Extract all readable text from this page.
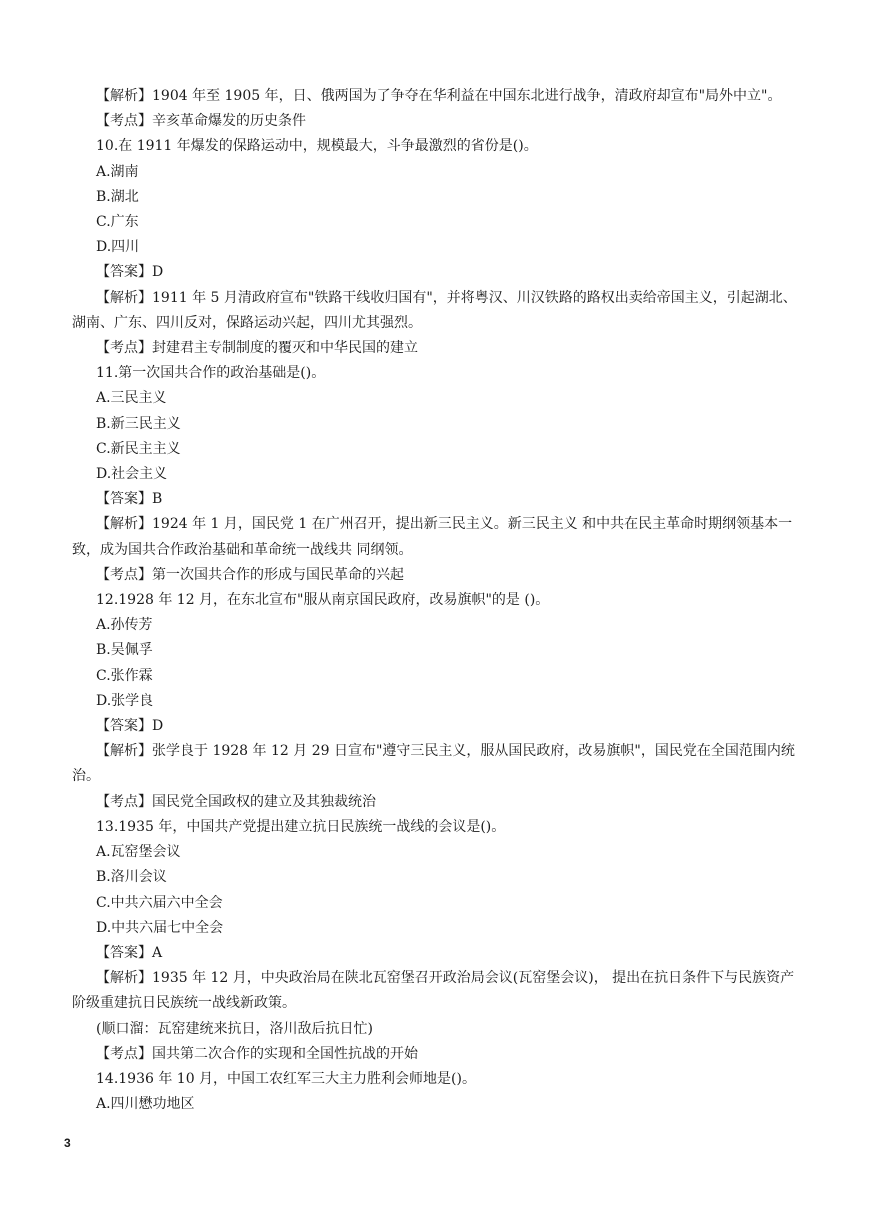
【解析】1904 年至 1905 年，日、俄两国为了争夺在华利益在中国东北进行战争，清政府却宣布"局外中立"。
【考点】辛亥革命爆发的历史条件
10.在 1911 年爆发的保路运动中，规模最大，斗争最激烈的省份是()。
A.湖南
B.湖北
C.广东
D.四川
【答案】D
【解析】1911 年 5 月清政府宣布"铁路干线收归国有"，并将粤汉、川汉铁路的路权出卖给帝国主义，引起湖北、湖南、广东、四川反对，保路运动兴起，四川尤其强烈。
【考点】封建君主专制制度的覆灭和中华民国的建立
11.第一次国共合作的政治基础是()。
A.三民主义
B.新三民主义
C.新民主主义
D.社会主义
【答案】B
【解析】1924 年 1 月，国民党 1 在广州召开，提出新三民主义。新三民主义 和中共在民主革命时期纲领基本一致，成为国共合作政治基础和革命统一战线共 同纲领。
【考点】第一次国共合作的形成与国民革命的兴起
12.1928 年 12 月，在东北宣布"服从南京国民政府，改易旗帜"的是 ()。
A.孙传芳
B.吴佩孚
C.张作霖
D.张学良
【答案】D
【解析】张学良于 1928 年 12 月 29 日宣布"遵守三民主义，服从国民政府，改易旗帜"，国民党在全国范围内统治。
【考点】国民党全国政权的建立及其独裁统治
13.1935 年，中国共产党提出建立抗日民族统一战线的会议是()。
A.瓦窑堡会议
B.洛川会议
C.中共六届六中全会
D.中共六届七中全会
【答案】A
【解析】1935 年 12 月，中央政治局在陕北瓦窑堡召开政治局会议(瓦窑堡会议)， 提出在抗日条件下与民族资产阶级重建抗日民族统一战线新政策。
(顺口溜：瓦窑建统来抗日，洛川敌后抗日忙)
【考点】国共第二次合作的实现和全国性抗战的开始
14.1936 年 10 月，中国工农红军三大主力胜利会师地是()。
A.四川懋功地区
3
